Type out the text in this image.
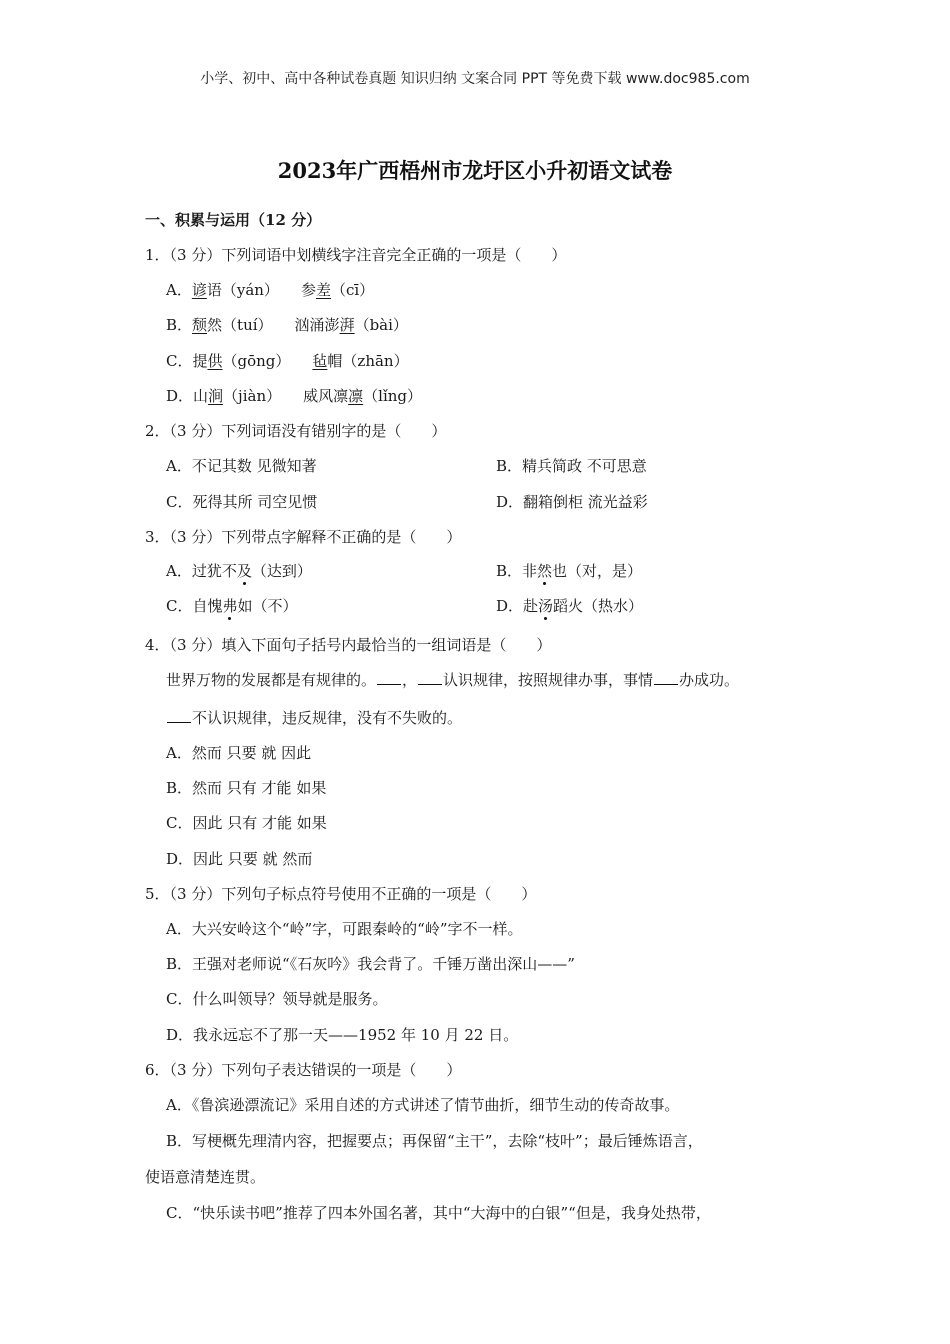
小学、初中、高中各种试卷真题 知识归纳 文案合同 PPT 等免费下载 www.doc985.com
2023年广西梧州市龙圩区小升初语文试卷
一、积累与运用（12 分）
1．（3 分）下列词语中划横线字注音完全正确的一项是（　　）
A．谚语（yán） 参差（cī）
B．颓然（tuí） 汹涌澎湃（bài）
C．提供（gōng） 毡帽（zhān）
D．山涧（jiàn） 威风凛凛（lǐng）
2．（3 分）下列词语没有错别字的是（　　）
A．不记其数 见微知著	B．精兵简政 不可思意
C．死得其所 司空见惯	D．翻箱倒柜 流光益彩
3．（3 分）下列带点字解释不正确的是（　　）
A．过犹不及（达到）	B．非然也（对，是）
C．自愧弗如（不）	D．赴汤蹈火（热水）
4．（3 分）填入下面句子括号内最恰当的一组词语是（　　）
世界万物的发展都是有规律的。 ， 认识规律，按照规律办事，事情 办成功。
不认识规律，违反规律，没有不失败的。
A．然而 只要 就 因此
B．然而 只有 才能 如果
C．因此 只有 才能 如果
D．因此 只要 就 然而
5．（3 分）下列句子标点符号使用不正确的一项是（　　）
A．大兴安岭这个“岭”字，可跟秦岭的“岭”字不一样。
B．王强对老师说“《石灰吟》我会背了。千锤万凿出深山——”
C．什么叫领导？领导就是服务。
D．我永远忘不了那一天——1952 年 10 月 22 日。
6．（3 分）下列句子表达错误的一项是（　　）
A．《鲁滨逊漂流记》采用自述的方式讲述了情节曲折，细节生动的传奇故事。
B．写梗概先理清内容，把握要点；再保留“主干”，去除“枝叶”；最后锤炼语言，
使语意清楚连贯。
C．“快乐读书吧”推荐了四本外国名著，其中“大海中的白银”“但是，我身处热带，
